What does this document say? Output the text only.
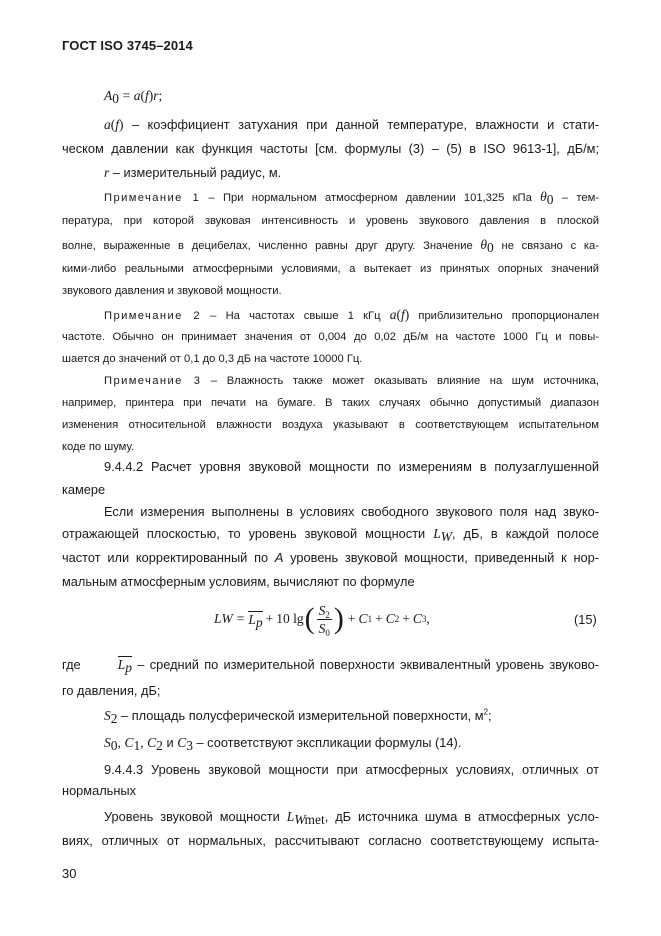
ГОСТ ISO 3745–2014
$A_0 = a(f)r$;
a(f) – коэффициент затухания при данной температуре, влажности и стати-
ческом давлении как функция частоты [см. формулы (3) – (5) в ISO 9613-1], дБ/м;
r – измерительный радиус, м.
Примечание 1 – При нормальном атмосферном давлении 101,325 кПа $\theta_0 - тем-$
пература, при которой звуковая интенсивность и уровень звукового давления в плоской
волне, выраженные в децибелах, численно равны друг другу. Значение $\theta_0$ не связано с ка-
кими-либо реальными атмосферными условиями, а вытекает из принятых опорных значений
звукового давления и звуковой мощности.
Примечание 2 – На частотах свыше 1 кГц a(f) приблизительно пропорционален
частоте. Обычно он принимает значения от 0,004 до 0,02 дБ/м на частоте 1000 Гц и повы-
шается до значений от 0,1 до 0,3 дБ на частоте 10000 Гц.
Примечание 3 – Влажность также может оказывать влияние на шум источника,
например, принтера при печати на бумаге. В таких случаях обычно допустимый диапазон
изменения относительной влажности воздуха указывают в соответствующем испытательном
коде по шуму.
9.4.4.2 Расчет уровня звуковой мощности по измерениям в полузаглушенной
камере
Если измерения выполнены в условиях свободного звукового поля над звуко-
отражающей плоскостью, то уровень звуковой мощности $L_W$, дБ, в каждой полосе
частот или корректированный по А уровень звуковой мощности, приведенный к нор-
мальным атмосферным условиям, вычисляют по формуле
L $W = L_p + 10$ lg ( $\frac{S_2}{S_0}$ ) + C 1 + C 2 + C 3 ,	(15)
где	$L_p$ – средний по измерительной поверхности эквивалентный уровень звуково-
го давления, дБ;
$S_2$ – площадь полусферической измерительной поверхности, $м^2$;
$S_0$, $C_1$, $C_2$ и $C_3$ – соответствуют экспликации формулы (14).
9.4.4.3 Уровень звуковой мощности при атмосферных условиях, отличных от
нормальных
Уровень звуковой мощности $L_{Wmet}$, дБ источника шума в атмосферных усло-
виях, отличных от нормальных, рассчитывают согласно соответствующему испыта-
30
